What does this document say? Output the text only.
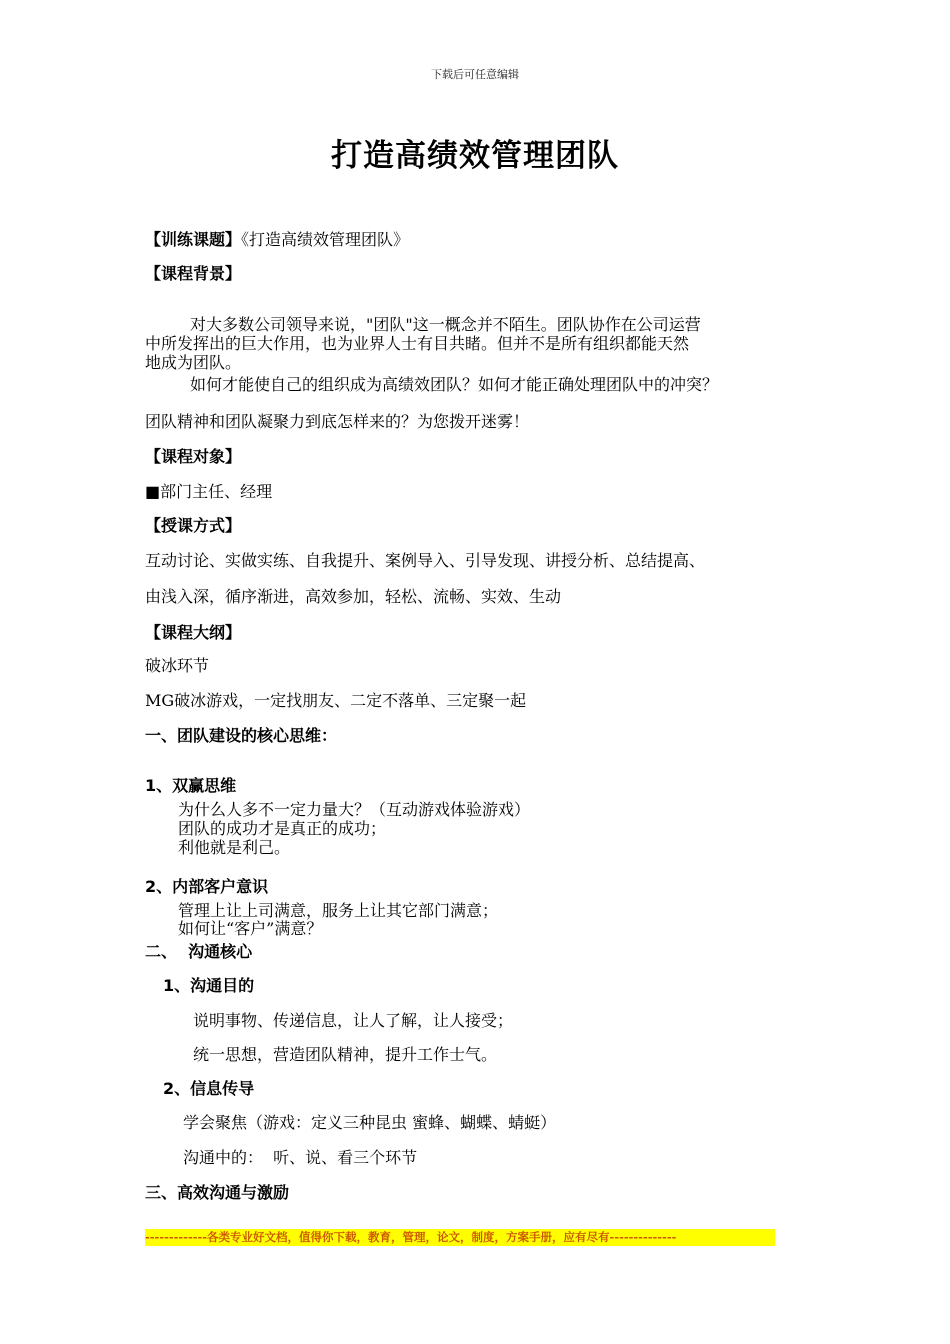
下载后可任意编辑
打造高绩效管理团队
【训练课题】《打造高绩效管理团队》
【课程背景】
对大多数公司领导来说，"团队"这一概念并不陌生。团队协作在公司运营
中所发挥出的巨大作用，也为业界人士有目共睹。但并不是所有组织都能天然
地成为团队。
如何才能使自己的组织成为高绩效团队？如何才能正确处理团队中的冲突？
团队精神和团队凝聚力到底怎样来的？为您拨开迷雾！
【课程对象】
■部门主任、经理
【授课方式】
互动讨论、实做实练、自我提升、案例导入、引导发现、讲授分析、总结提高、
由浅入深，循序渐进，高效参加，轻松、流畅、实效、生动
【课程大纲】
破冰环节
MG破冰游戏，一定找朋友、二定不落单、三定聚一起
一、团队建设的核心思维：
1、双赢思维
为什么人多不一定力量大？（互动游戏体验游戏）
团队的成功才是真正的成功；
利他就是利己。
2、内部客户意识
管理上让上司满意，服务上让其它部门满意；
如何让“客户”满意？
二、  沟通核心
1、沟通目的
说明事物、传递信息，让人了解，让人接受；
统一思想，营造团队精神，提升工作士气。
2、信息传导
学会聚焦（游戏：定义三种昆虫 蜜蜂、蝴蝶、蜻蜓）
沟通中的：  听、说、看三个环节
三、高效沟通与激励
-------------各类专业好文档，值得你下载，教育，管理，论文，制度，方案手册，应有尽有--------------
